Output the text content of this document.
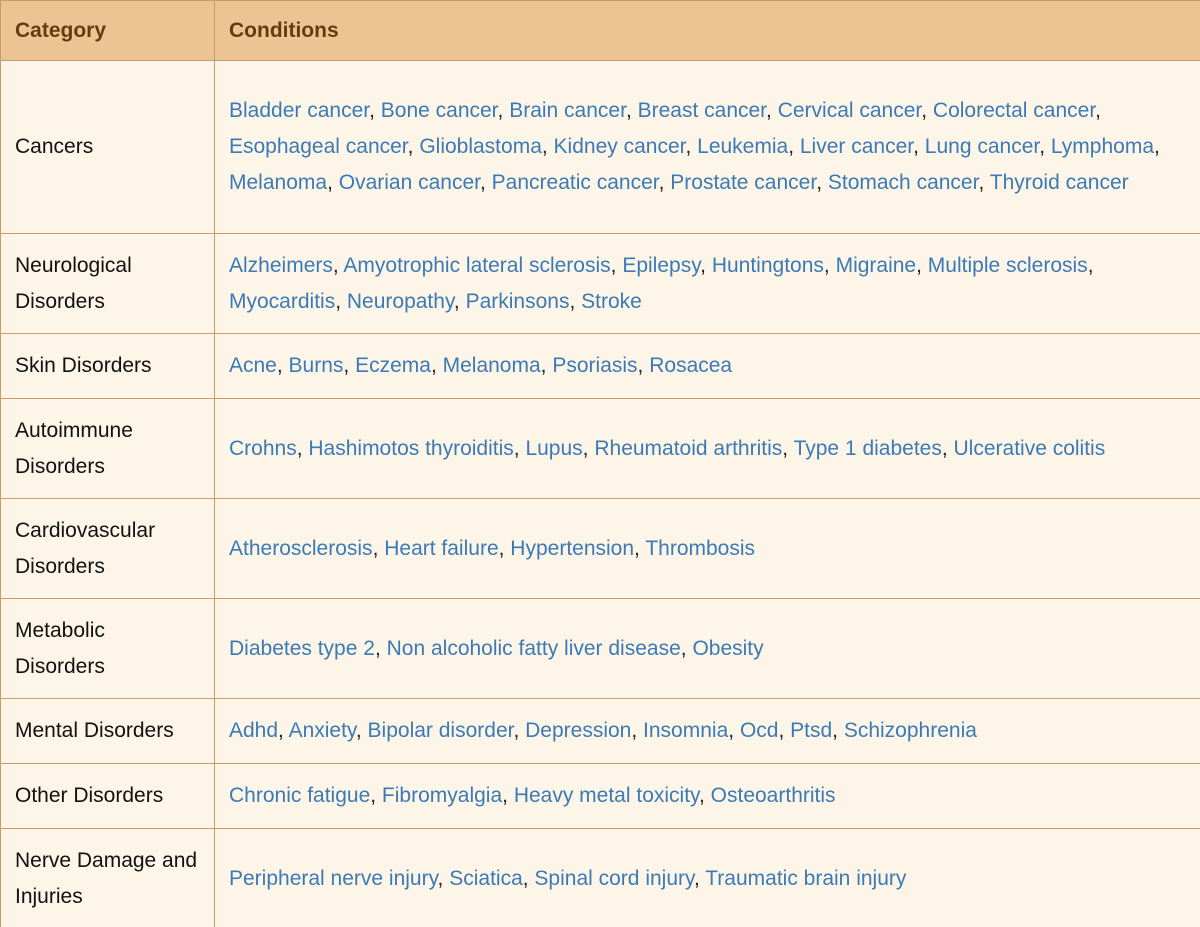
Category	Conditions
Cancers	Bladder cancer, Bone cancer, Brain cancer, Breast cancer, Cervical cancer, Colorectal cancer, Esophageal cancer, Glioblastoma, Kidney cancer, Leukemia, Liver cancer, Lung cancer, Lymphoma, Melanoma, Ovarian cancer, Pancreatic cancer, Prostate cancer, Stomach cancer, Thyroid cancer
Neurological Disorders	Alzheimers, Amyotrophic lateral sclerosis, Epilepsy, Huntingtons, Migraine, Multiple sclerosis, Myocarditis, Neuropathy, Parkinsons, Stroke
Skin Disorders	Acne, Burns, Eczema, Melanoma, Psoriasis, Rosacea
Autoimmune Disorders	Crohns, Hashimotos thyroiditis, Lupus, Rheumatoid arthritis, Type 1 diabetes, Ulcerative colitis
Cardiovascular Disorders	Atherosclerosis, Heart failure, Hypertension, Thrombosis
Metabolic Disorders	Diabetes type 2, Non alcoholic fatty liver disease, Obesity
Mental Disorders	Adhd, Anxiety, Bipolar disorder, Depression, Insomnia, Ocd, Ptsd, Schizophrenia
Other Disorders	Chronic fatigue, Fibromyalgia, Heavy metal toxicity, Osteoarthritis
Nerve Damage and Injuries	Peripheral nerve injury, Sciatica, Spinal cord injury, Traumatic brain injury
